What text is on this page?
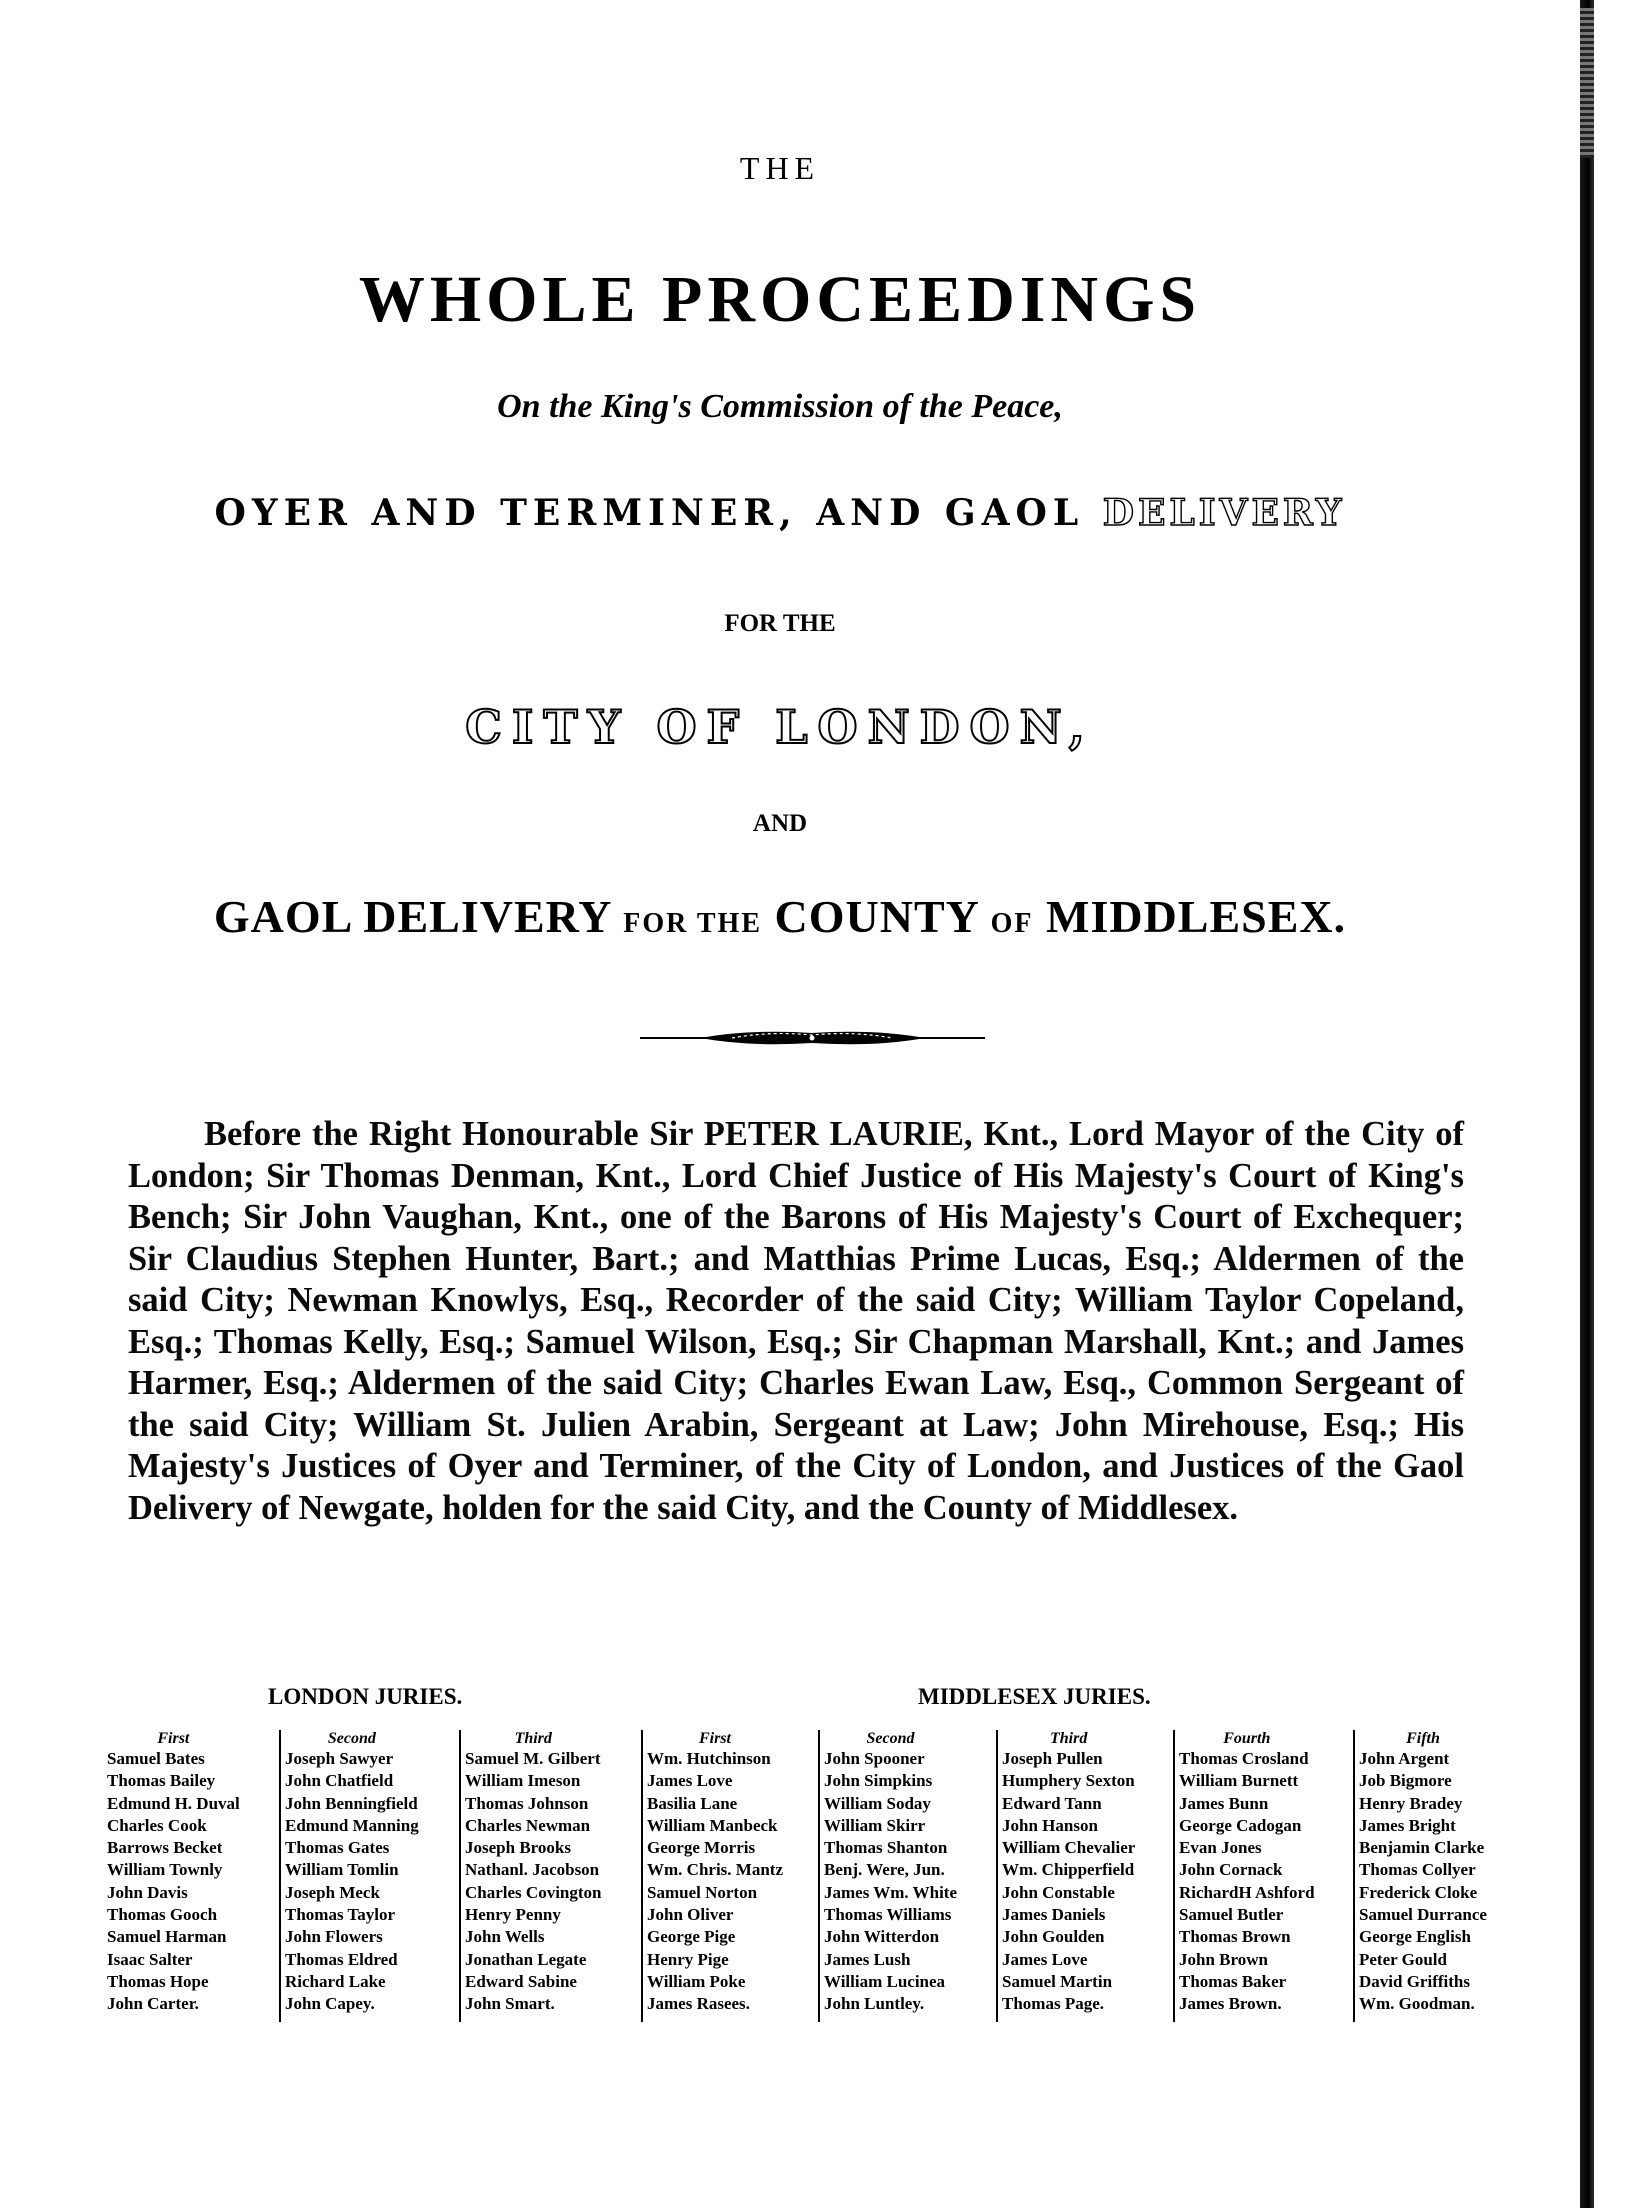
THE
WHOLE PROCEEDINGS
On the King's Commission of the Peace,
OYER AND TERMINER, AND GAOL DELIVERY
FOR THE
CITY OF LONDON,
AND
GAOL DELIVERY FOR THE COUNTY OF MIDDLESEX.

Before the Right Honourable Sir PETER LAURIE, Knt., Lord Mayor of the City of London; Sir Thomas Denman, Knt., Lord Chief Justice of His Majesty's Court of King's Bench; Sir John Vaughan, Knt., one of the Barons of His Majesty's Court of Exchequer; Sir Claudius Stephen Hunter, Bart.; and Matthias Prime Lucas, Esq.; Aldermen of the said City; Newman Knowlys, Esq., Recorder of the said City; William Taylor Copeland, Esq.; Thomas Kelly, Esq.; Samuel Wilson, Esq.; Sir Chapman Marshall, Knt.; and James Harmer, Esq.; Aldermen of the said City; Charles Ewan Law, Esq., Common Sergeant of the said City; William St. Julien Arabin, Sergeant at Law; John Mirehouse, Esq.; His Majesty's Justices of Oyer and Terminer, of the City of London, and Justices of the Gaol Delivery of Newgate, holden for the said City, and the County of Middlesex.

LONDON JURIES.	MIDDLESEX JURIES.
First
Samuel Bates
Thomas Bailey
Edmund H. Duval
Charles Cook
Barrows Becket
William Townly
John Davis
Thomas Gooch
Samuel Harman
Isaac Salter
Thomas Hope
John Carter.
Second
Joseph Sawyer
John Chatfield
John Benningfield
Edmund Manning
Thomas Gates
William Tomlin
Joseph Meck
Thomas Taylor
John Flowers
Thomas Eldred
Richard Lake
John Capey.
Third
Samuel M. Gilbert
William Imeson
Thomas Johnson
Charles Newman
Joseph Brooks
Nathanl. Jacobson
Charles Covington
Henry Penny
John Wells
Jonathan Legate
Edward Sabine
John Smart.
First
Wm. Hutchinson
James Love
Basilia Lane
William Manbeck
George Morris
Wm. Chris. Mantz
Samuel Norton
John Oliver
George Pige
Henry Pige
William Poke
James Rasees.
Second
John Spooner
John Simpkins
William Soday
William Skirr
Thomas Shanton
Benj. Were, Jun.
James Wm. White
Thomas Williams
John Witterdon
James Lush
William Lucinea
John Luntley.
Third
Joseph Pullen
Humphery Sexton
Edward Tann
John Hanson
William Chevalier
Wm. Chipperfield
John Constable
James Daniels
John Goulden
James Love
Samuel Martin
Thomas Page.
Fourth
Thomas Crosland
William Burnett
James Bunn
George Cadogan
Evan Jones
John Cornack
RichardH Ashford
Samuel Butler
Thomas Brown
John Brown
Thomas Baker
James Brown.
Fifth
John Argent
Job Bigmore
Henry Bradey
James Bright
Benjamin Clarke
Thomas Collyer
Frederick Cloke
Samuel Durrance
George English
Peter Gould
David Griffiths
Wm. Goodman.
